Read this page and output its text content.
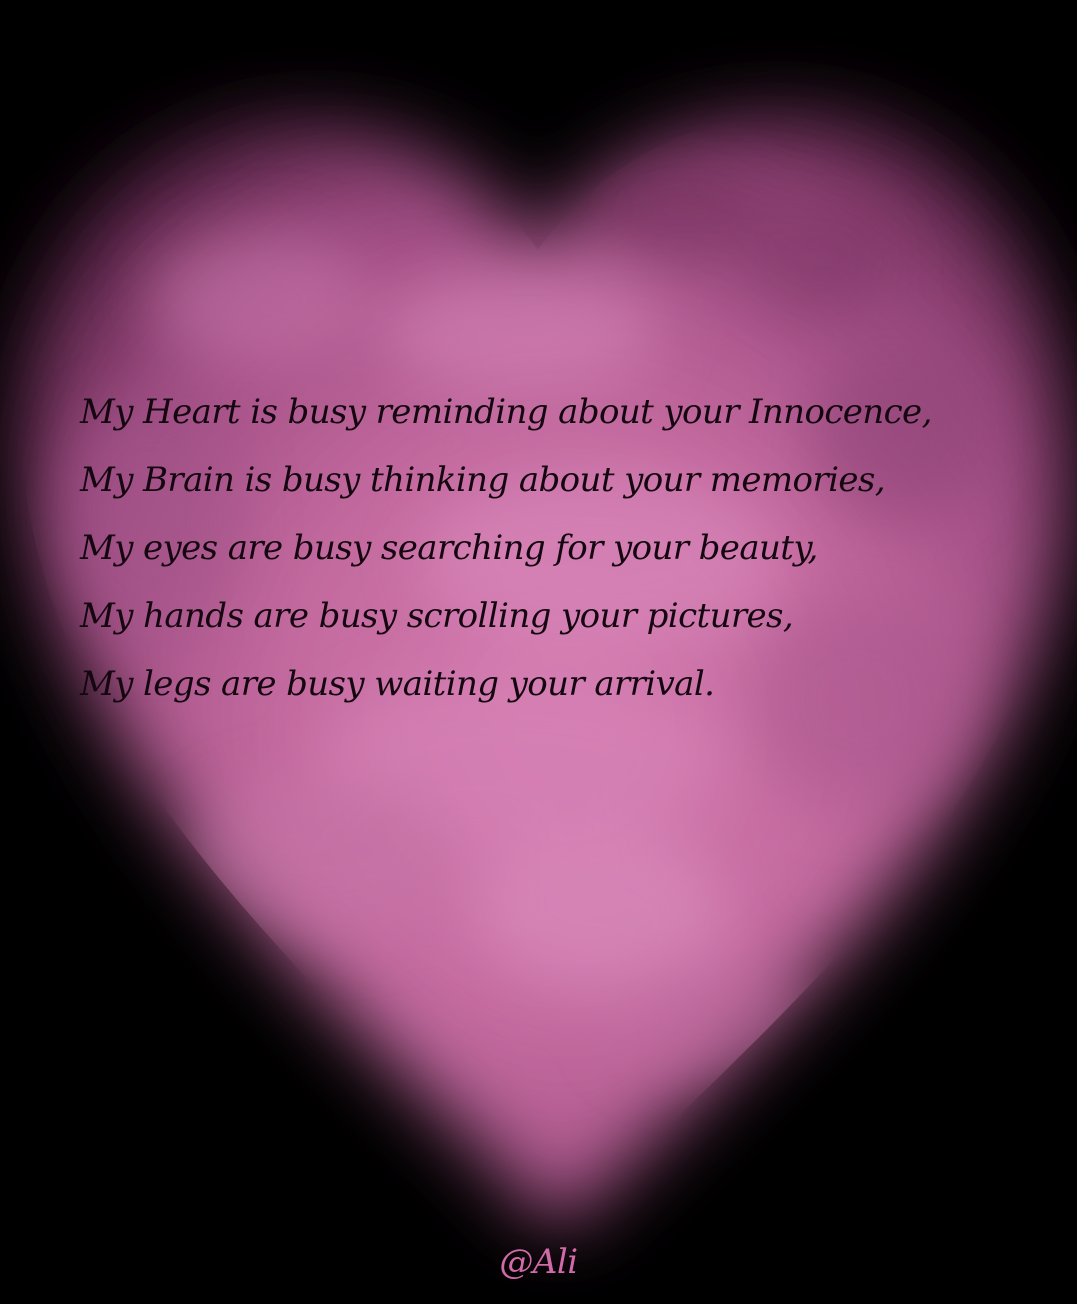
My Heart is busy reminding about your Innocence,
My Brain is busy thinking about your memories,
My eyes are busy searching for your beauty,
My hands are busy scrolling your pictures,
My legs are busy waiting your arrival.
@Ali
